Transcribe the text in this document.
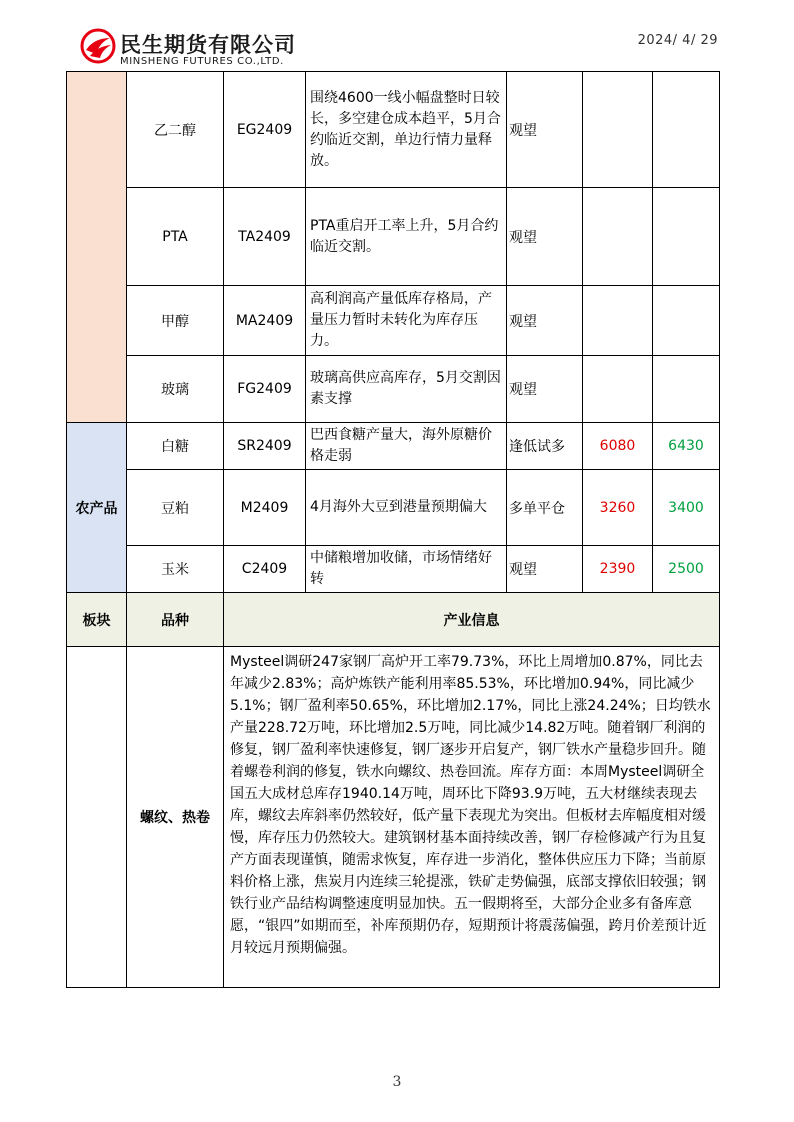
民生期货有限公司
MINSHENG FUTURES CO.,LTD.
2024/ 4/ 29
	乙二醇	EG2409	围绕4600一线小幅盘整时日较长，多空建仓成本趋平，5月合约临近交割，单边行情力量释放。	观望		
	PTA	TA2409	PTA重启开工率上升，5月合约临近交割。	观望		
	甲醇	MA2409	高利润高产量低库存格局，产量压力暂时未转化为库存压力。	观望		
	玻璃	FG2409	玻璃高供应高库存，5月交割因素支撑	观望		
农产品	白糖	SR2409	巴西食糖产量大，海外原糖价格走弱	逢低试多	6080	6430
	豆粕	M2409	4月海外大豆到港量预期偏大	多单平仓	3260	3400
	玉米	C2409	中储粮增加收储，市场情绪好转	观望	2390	2500
板块	品种	产业信息				
	螺纹、热卷	Mysteel调研247家钢厂高炉开工率79.73%，环比上周增加0.87%，同比去年减少2.83%；高炉炼铁产能利用率85.53%，环比增加0.94%，同比减少5.1%；钢厂盈利率50.65%，环比增加2.17%，同比上涨24.24%；日均铁水产量228.72万吨，环比增加2.5万吨，同比减少14.82万吨。随着钢厂利润的修复，钢厂盈利率快速修复，钢厂逐步开启复产，钢厂铁水产量稳步回升。随着螺卷利润的修复，铁水向螺纹、热卷回流。库存方面：本周Mysteel调研全国五大成材总库存1940.14万吨，周环比下降93.9万吨，五大材继续表现去库，螺纹去库斜率仍然较好，低产量下表现尤为突出。但板材去库幅度相对缓慢，库存压力仍然较大。建筑钢材基本面持续改善，钢厂存检修减产行为且复产方面表现谨慎，随需求恢复，库存进一步消化，整体供应压力下降；当前原料价格上涨，焦炭月内连续三轮提涨，铁矿走势偏强，底部支撑依旧较强；钢铁行业产品结构调整速度明显加快。五一假期将至，大部分企业多有备库意愿，“银四”如期而至，补库预期仍存，短期预计将震荡偏强，跨月价差预计近月较远月预期偏强。				
3
